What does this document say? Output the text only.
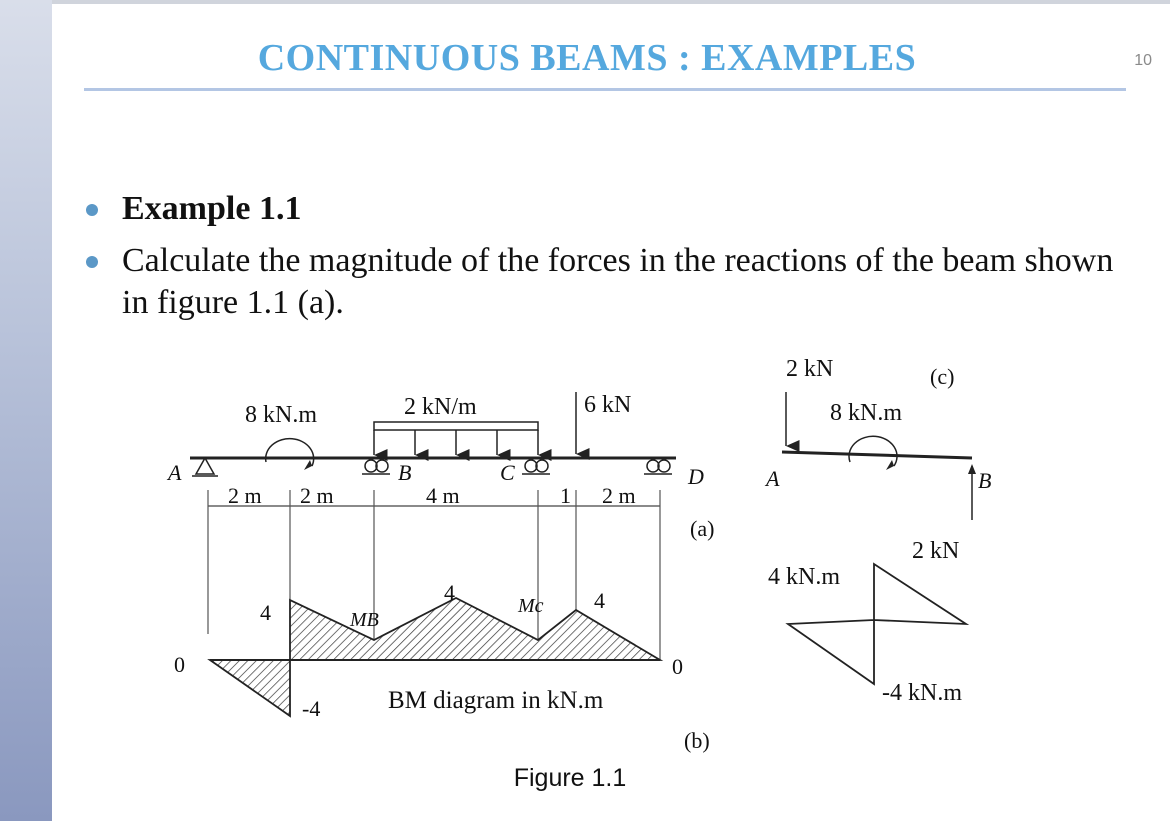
CONTINUOUS BEAMS : EXAMPLES	10
Example 1.1
Calculate the magnitude of the forces in the reactions of the beam shown in figure 1.1 (a).
8 kN.m	2 kN/m	6 kN
A	B	C	D
2 m 2 m	4 m	1 2 m
(a)
0
4
-4
4	4
0
MB
Mc
BM diagram in kN.m
(b)
2 kN	(c)
8 kN.m
A	B
2 kN
4 kN.m
-4 kN.m
Figure 1.1
